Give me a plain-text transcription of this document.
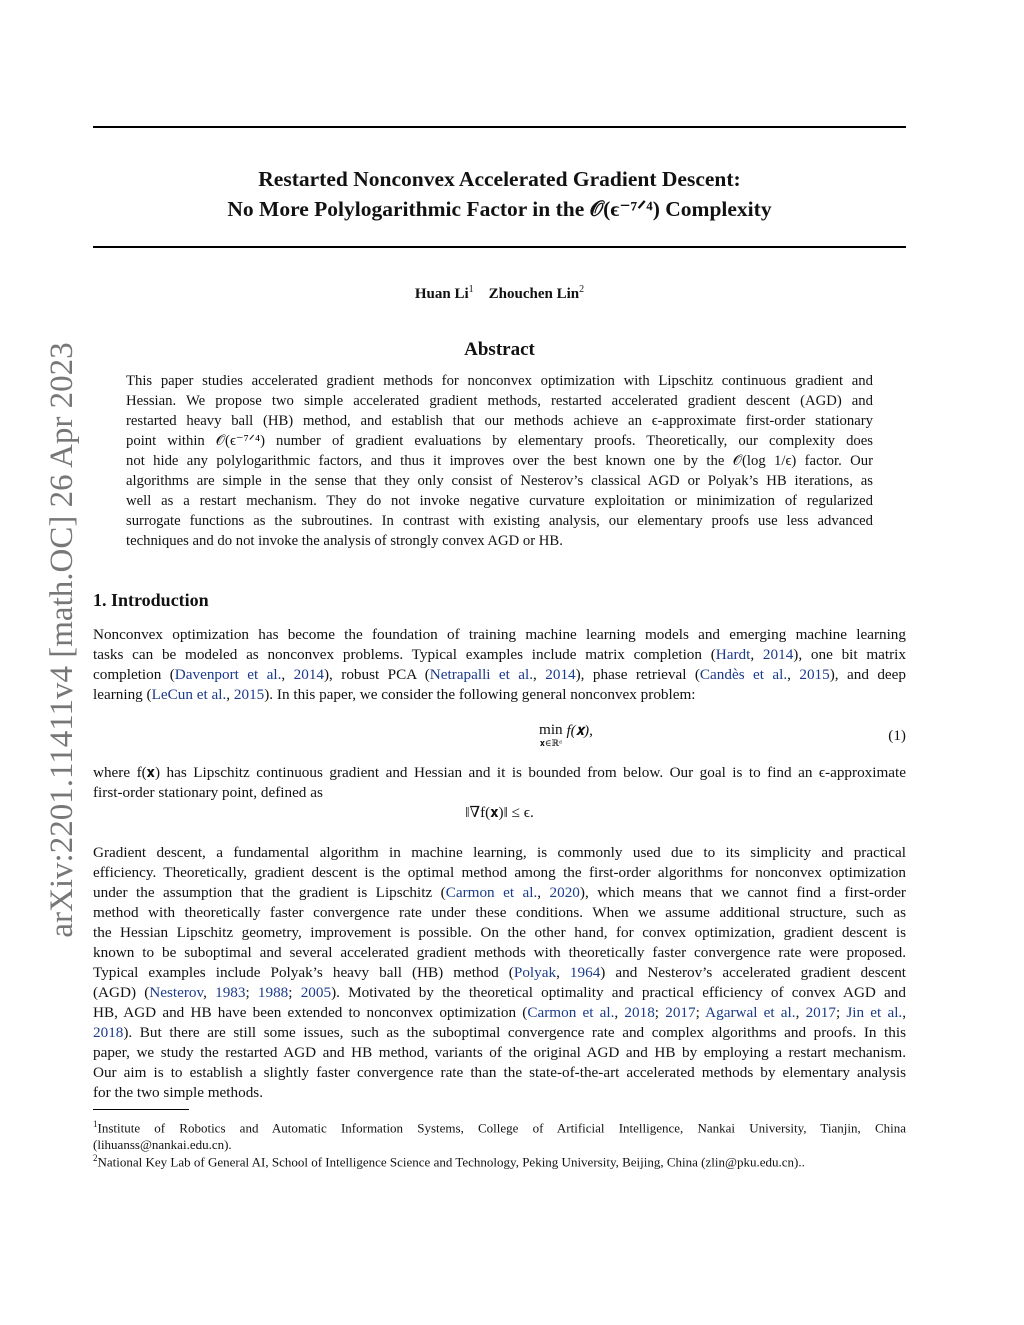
arXiv:2201.11411v4 [math.OC] 26 Apr 2023
Restarted Nonconvex Accelerated Gradient Descent:
No More Polylogarithmic Factor in the 𝒪(ϵ⁻⁷ᐟ⁴) Complexity
Huan Li$^1$ Zhouchen Lin$^2$
Abstract
This paper studies accelerated gradient methods for nonconvex optimization with Lipschitz continuous gradient and
Hessian. We propose two simple accelerated gradient methods, restarted accelerated gradient descent (AGD) and
restarted heavy ball (HB) method, and establish that our methods achieve an ϵ-approximate first-order stationary
point within 𝒪(ϵ⁻⁷ᐟ⁴) number of gradient evaluations by elementary proofs. Theoretically, our complexity does
not hide any polylogarithmic factors, and thus it improves over the best known one by the 𝒪(log 1/ϵ) factor. Our
algorithms are simple in the sense that they only consist of Nesterov’s classical AGD or Polyak’s HB iterations, as
well as a restart mechanism. They do not invoke negative curvature exploitation or minimization of regularized
surrogate functions as the subroutines. In contrast with existing analysis, our elementary proofs use less advanced
techniques and do not invoke the analysis of strongly convex AGD or HB.
1. Introduction
Nonconvex optimization has become the foundation of training machine learning models and emerging machine learning
tasks can be modeled as nonconvex problems. Typical examples include matrix completion (Hardt, 2014), one bit matrix
completion (Davenport et al., 2014), robust PCA (Netrapalli et al., 2014), phase retrieval (Candès et al., 2015), and deep
learning (LeCun et al., 2015). In this paper, we consider the following general nonconvex problem:
min
𝐱∈ℝᵈ
f(𝐱),	(1)
where f(𝐱) has Lipschitz continuous gradient and Hessian and it is bounded from below. Our goal is to find an ϵ-approximate
first-order stationary point, defined as
‖∇f(𝐱)‖ ≤ ϵ.
Gradient descent, a fundamental algorithm in machine learning, is commonly used due to its simplicity and practical
efficiency. Theoretically, gradient descent is the optimal method among the first-order algorithms for nonconvex optimization
under the assumption that the gradient is Lipschitz (Carmon et al., 2020), which means that we cannot find a first-order
method with theoretically faster convergence rate under these conditions. When we assume additional structure, such as
the Hessian Lipschitz geometry, improvement is possible. On the other hand, for convex optimization, gradient descent is
known to be suboptimal and several accelerated gradient methods with theoretically faster convergence rate were proposed.
Typical examples include Polyak’s heavy ball (HB) method (Polyak, 1964) and Nesterov’s accelerated gradient descent
(AGD) (Nesterov, 1983; 1988; 2005). Motivated by the theoretical optimality and practical efficiency of convex AGD and
HB, AGD and HB have been extended to nonconvex optimization (Carmon et al., 2018; 2017; Agarwal et al., 2017; Jin et al.,
2018). But there are still some issues, such as the suboptimal convergence rate and complex algorithms and proofs. In this
paper, we study the restarted AGD and HB method, variants of the original AGD and HB by employing a restart mechanism.
Our aim is to establish a slightly faster convergence rate than the state-of-the-art accelerated methods by elementary analysis
for the two simple methods.
$^1$Institute of Robotics and Automatic Information Systems, College of Artificial Intelligence, Nankai University, Tianjin, China
(lihuanss@nankai.edu.cn).
$^2$National Key Lab of General AI, School of Intelligence Science and Technology, Peking University, Beijing, China (zlin@pku.edu.cn)..
